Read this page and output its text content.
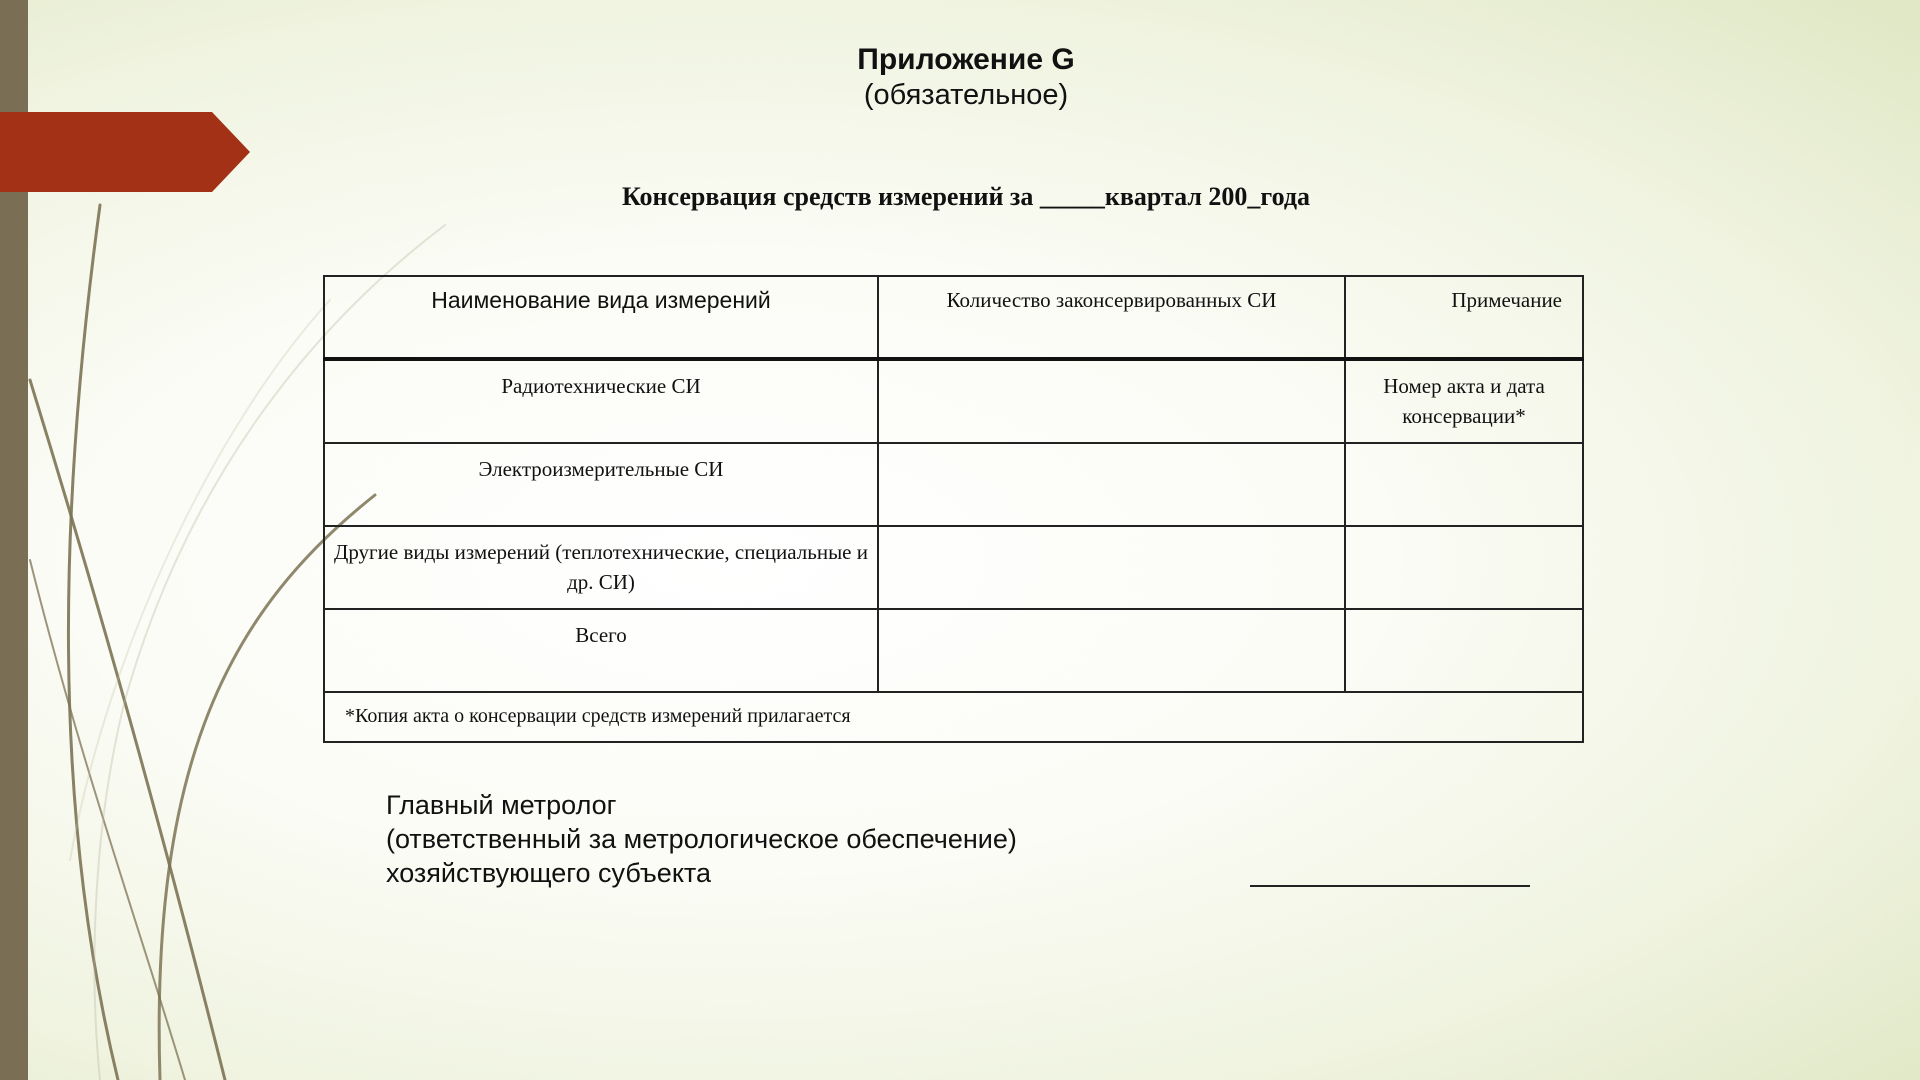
Приложение G
(обязательное)
Консервация средств измерений за _____квартал 200_года
Наименование вида измерений	Количество законсервированных СИ	Примечание
Радиотехнические СИ		Номер акта и дата консервации*
Электроизмерительные СИ		
Другие виды измерений (теплотехнические, специальные и др. СИ)		
Всего		
*Копия акта о консервации средств измерений прилагается		
Главный метролог
(ответственный за метрологическое обеспечение)
хозяйствующего субъекта
